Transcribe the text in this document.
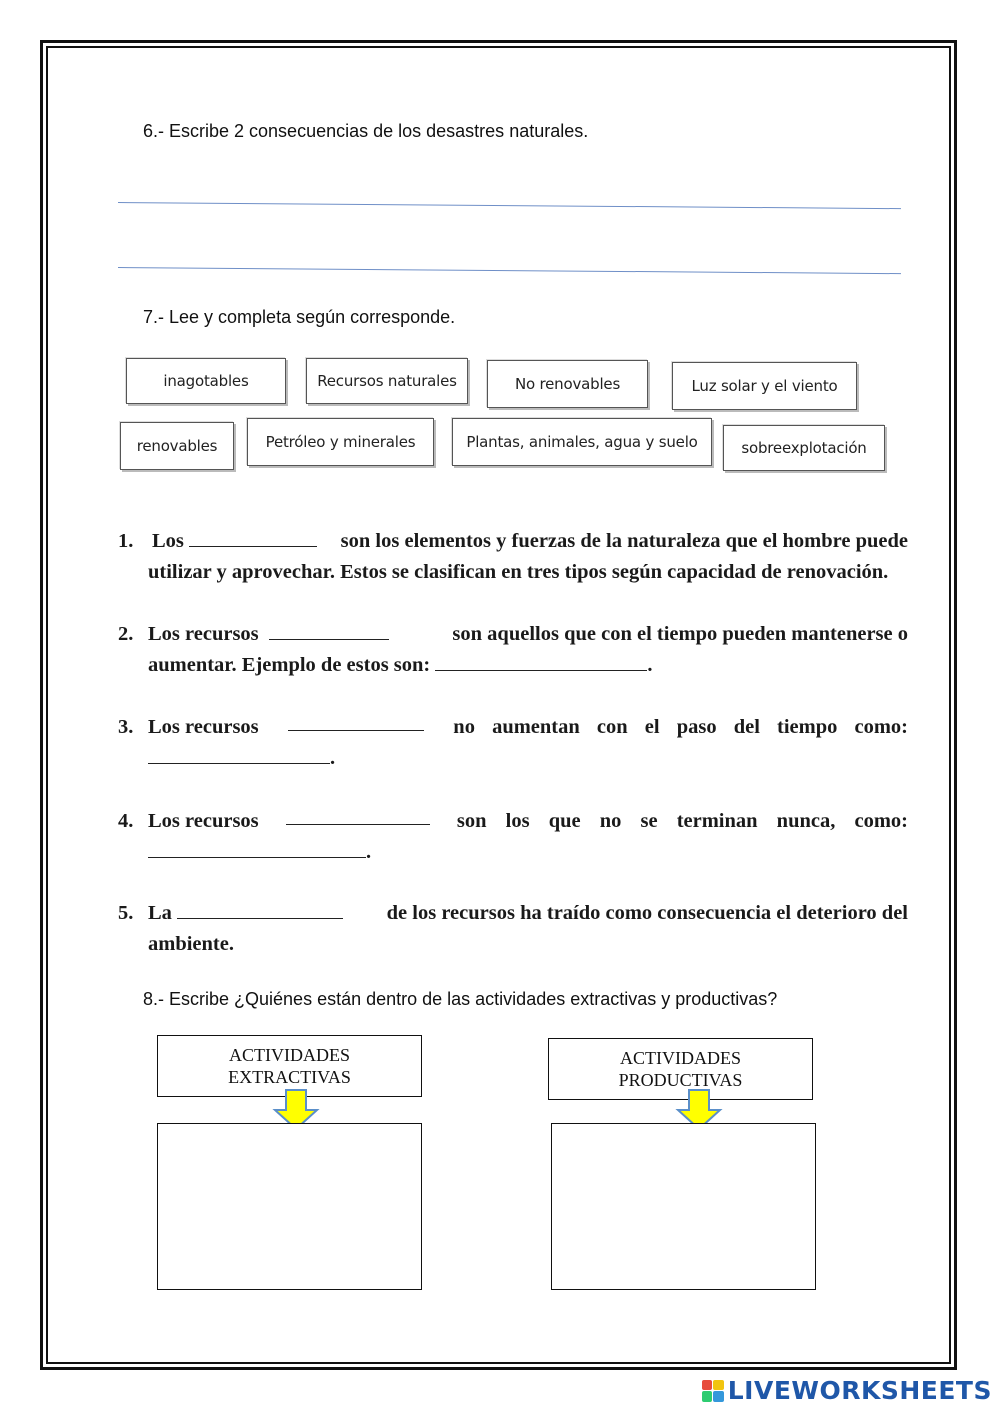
6.- Escribe 2 consecuencias de los desastres naturales.
7.- Lee y completa según corresponde.
inagotables	Recursos naturales	No renovables	Luz solar y el viento
renovables	Petróleo y minerales	Plantas, animales, agua y suelo	sobreexplotación
1. Los	son los elementos y fuerzas de la naturaleza que el hombre puede
utilizar y aprovechar. Estos se clasifican en tres tipos según capacidad de renovación.
2. Los recursos	son aquellos que con el tiempo pueden mantenerse o
aumentar. Ejemplo de estos son:	.
3. Los recursos	no aumentan con el paso del tiempo como:
.
4. Los recursos	son los que no se terminan nunca, como:
.
5. La	de los recursos ha traído como consecuencia el deterioro del
ambiente.
8.- Escribe ¿Quiénes están dentro de las actividades extractivas y productivas?
ACTIVIDADES
EXTRACTIVAS
ACTIVIDADES
PRODUCTIVAS
LIVEWORKSHEETS
